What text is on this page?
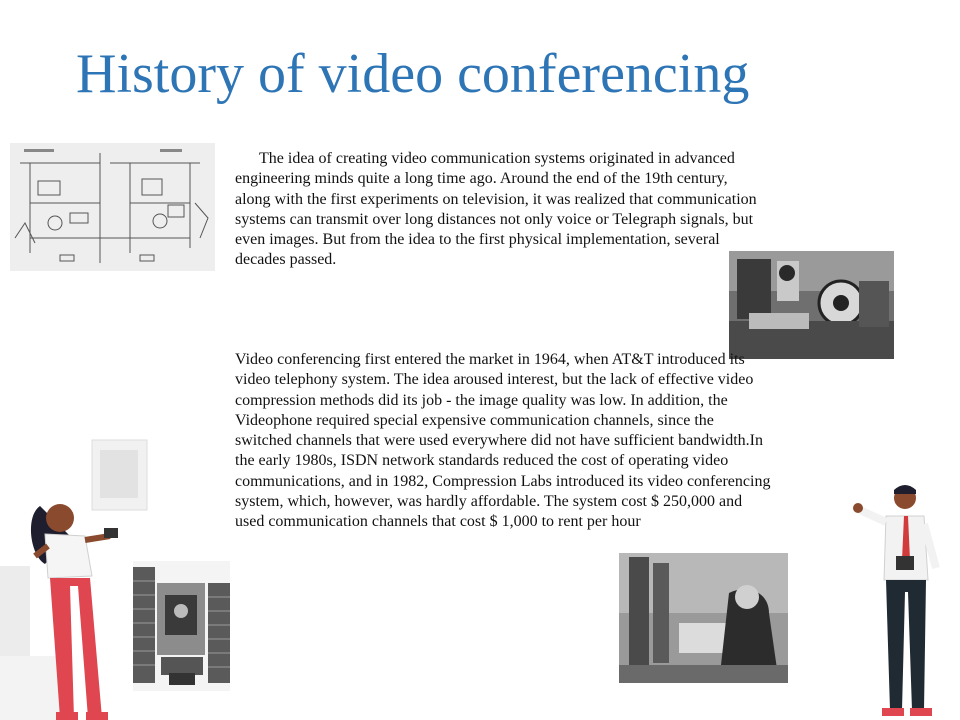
History of video conferencing

The idea of creating video communication systems originated in advanced engineering minds quite a long time ago. Around the end of the 19th century, along with the first experiments on television, it was realized that communication systems can transmit over long distances not only voice or Telegraph signals, but even images. But from the idea to the first physical implementation, several decades passed.

Video conferencing first entered the market in 1964, when AT&T introduced its video telephony system. The idea aroused interest, but the lack of effective video compression methods did its job - the image quality was low. In addition, the Videophone required special expensive communication channels, since the switched channels that were used everywhere did not have sufficient bandwidth.In the early 1980s, ISDN network standards reduced the cost of operating video communications, and in 1982, Compression Labs introduced its video conferencing system, which, however, was hardly affordable. The system cost $ 250,000 and used communication channels that cost $ 1,000 to rent per hour
